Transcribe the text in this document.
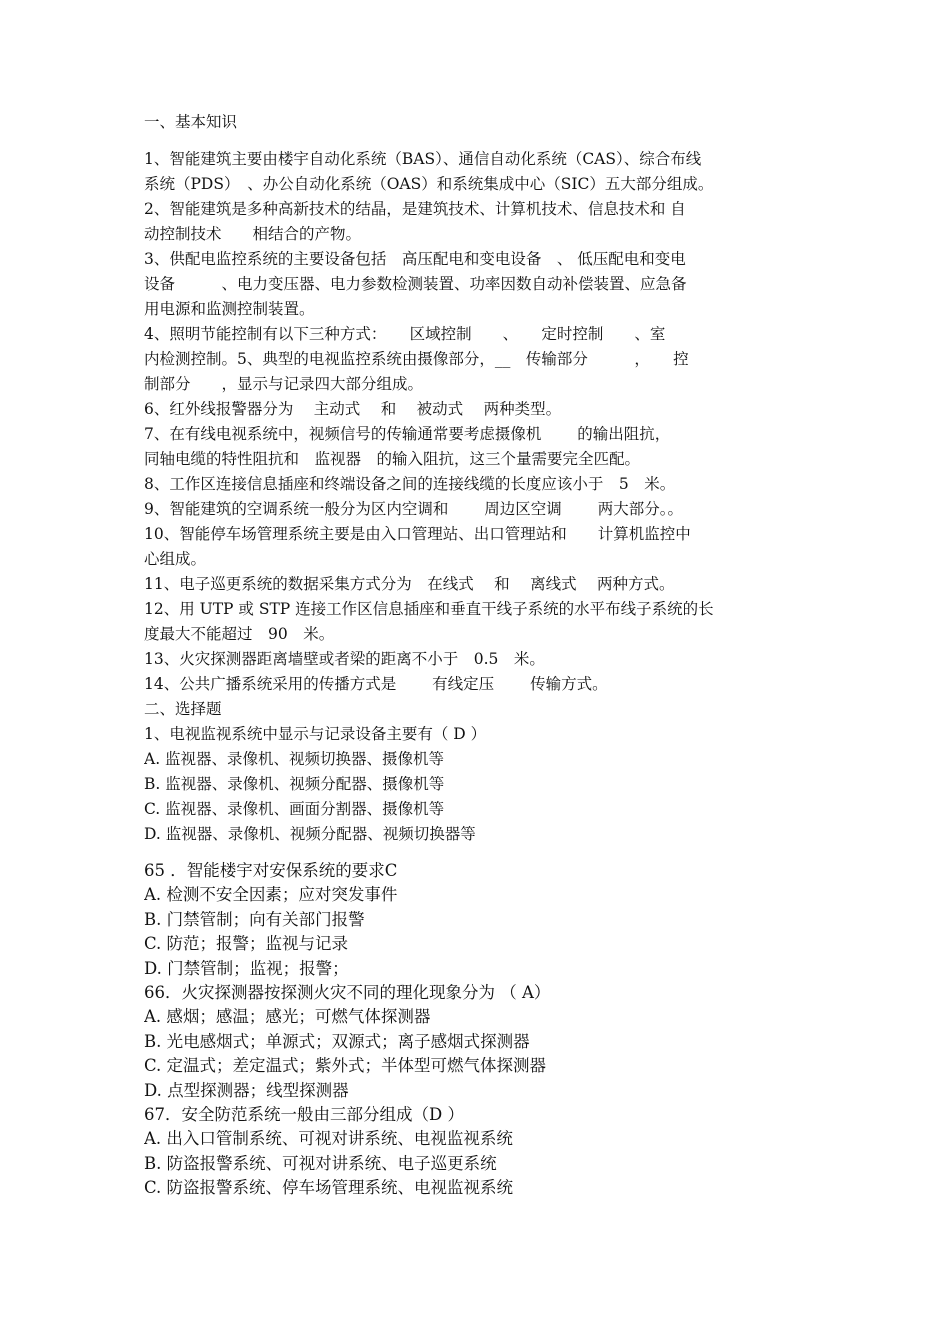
一、基本知识
1、智能建筑主要由楼宇自动化系统（BAS）、通信自动化系统（CAS）、综合布线
系统（PDS）　、办公自动化系统（OAS）和系统集成中心（SIC）五大部分组成。
2、智能建筑是多种高新技术的结晶，是建筑技术、计算机技术、信息技术和 自
动控制技术　　相结合的产物。
3、供配电监控系统的主要设备包括　高压配电和变电设备　、 低压配电和变电
设备　　　、电力变压器、电力参数检测装置、功率因数自动补偿装置、应急备
用电源和监测控制装置。
4、照明节能控制有以下三种方式：　　区域控制　　、　　定时控制　　、室
内检测控制。5、典型的电视监控系统由摄像部分，__　传输部分　　　，　　控
制部分　　，显示与记录四大部分组成。
6、红外线报警器分为　 主动式　 和　 被动式　 两种类型。
7、在有线电视系统中，视频信号的传输通常要考虑摄像机　　 的输出阻抗，
同轴电缆的特性阻抗和　监视器　的输入阻抗，这三个量需要完全匹配。
8、工作区连接信息插座和终端设备之间的连接线缆的长度应该小于　5　米。
9、智能建筑的空调系统一般分为区内空调和　　 周边区空调　　 两大部分。。
10、智能停车场管理系统主要是由入口管理站、出口管理站和　　计算机监控中
心组成。
11、电子巡更系统的数据采集方式分为　在线式　 和　 离线式　 两种方式。
12、用 UTP 或 STP 连接工作区信息插座和垂直干线子系统的水平布线子系统的长
度最大不能超过　90　米。
13、火灾探测器距离墙壁或者梁的距离不小于　0.5　米。
14、公共广播系统采用的传播方式是　　 有线定压　　 传输方式。
二、选择题
1、电视监视系统中显示与记录设备主要有（ D ）
A. 监视器、录像机、视频切换器、摄像机等
B. 监视器、录像机、视频分配器、摄像机等
C. 监视器、录像机、画面分割器、摄像机等
D. 监视器、录像机、视频分配器、视频切换器等
65 ．智能楼宇对安保系统的要求C
A. 检测不安全因素；应对突发事件
B. 门禁管制；向有关部门报警
C. 防范；报警；监视与记录
D. 门禁管制；监视；报警；
66．火灾探测器按探测火灾不同的理化现象分为 （ A）
A. 感烟；感温；感光；可燃气体探测器
B. 光电感烟式；单源式；双源式；离子感烟式探测器
C. 定温式；差定温式；紫外式；半体型可燃气体探测器
D. 点型探测器；线型探测器
67．安全防范系统一般由三部分组成（D ）
A. 出入口管制系统、可视对讲系统、电视监视系统
B. 防盗报警系统、可视对讲系统、电子巡更系统
C. 防盗报警系统、停车场管理系统、电视监视系统
